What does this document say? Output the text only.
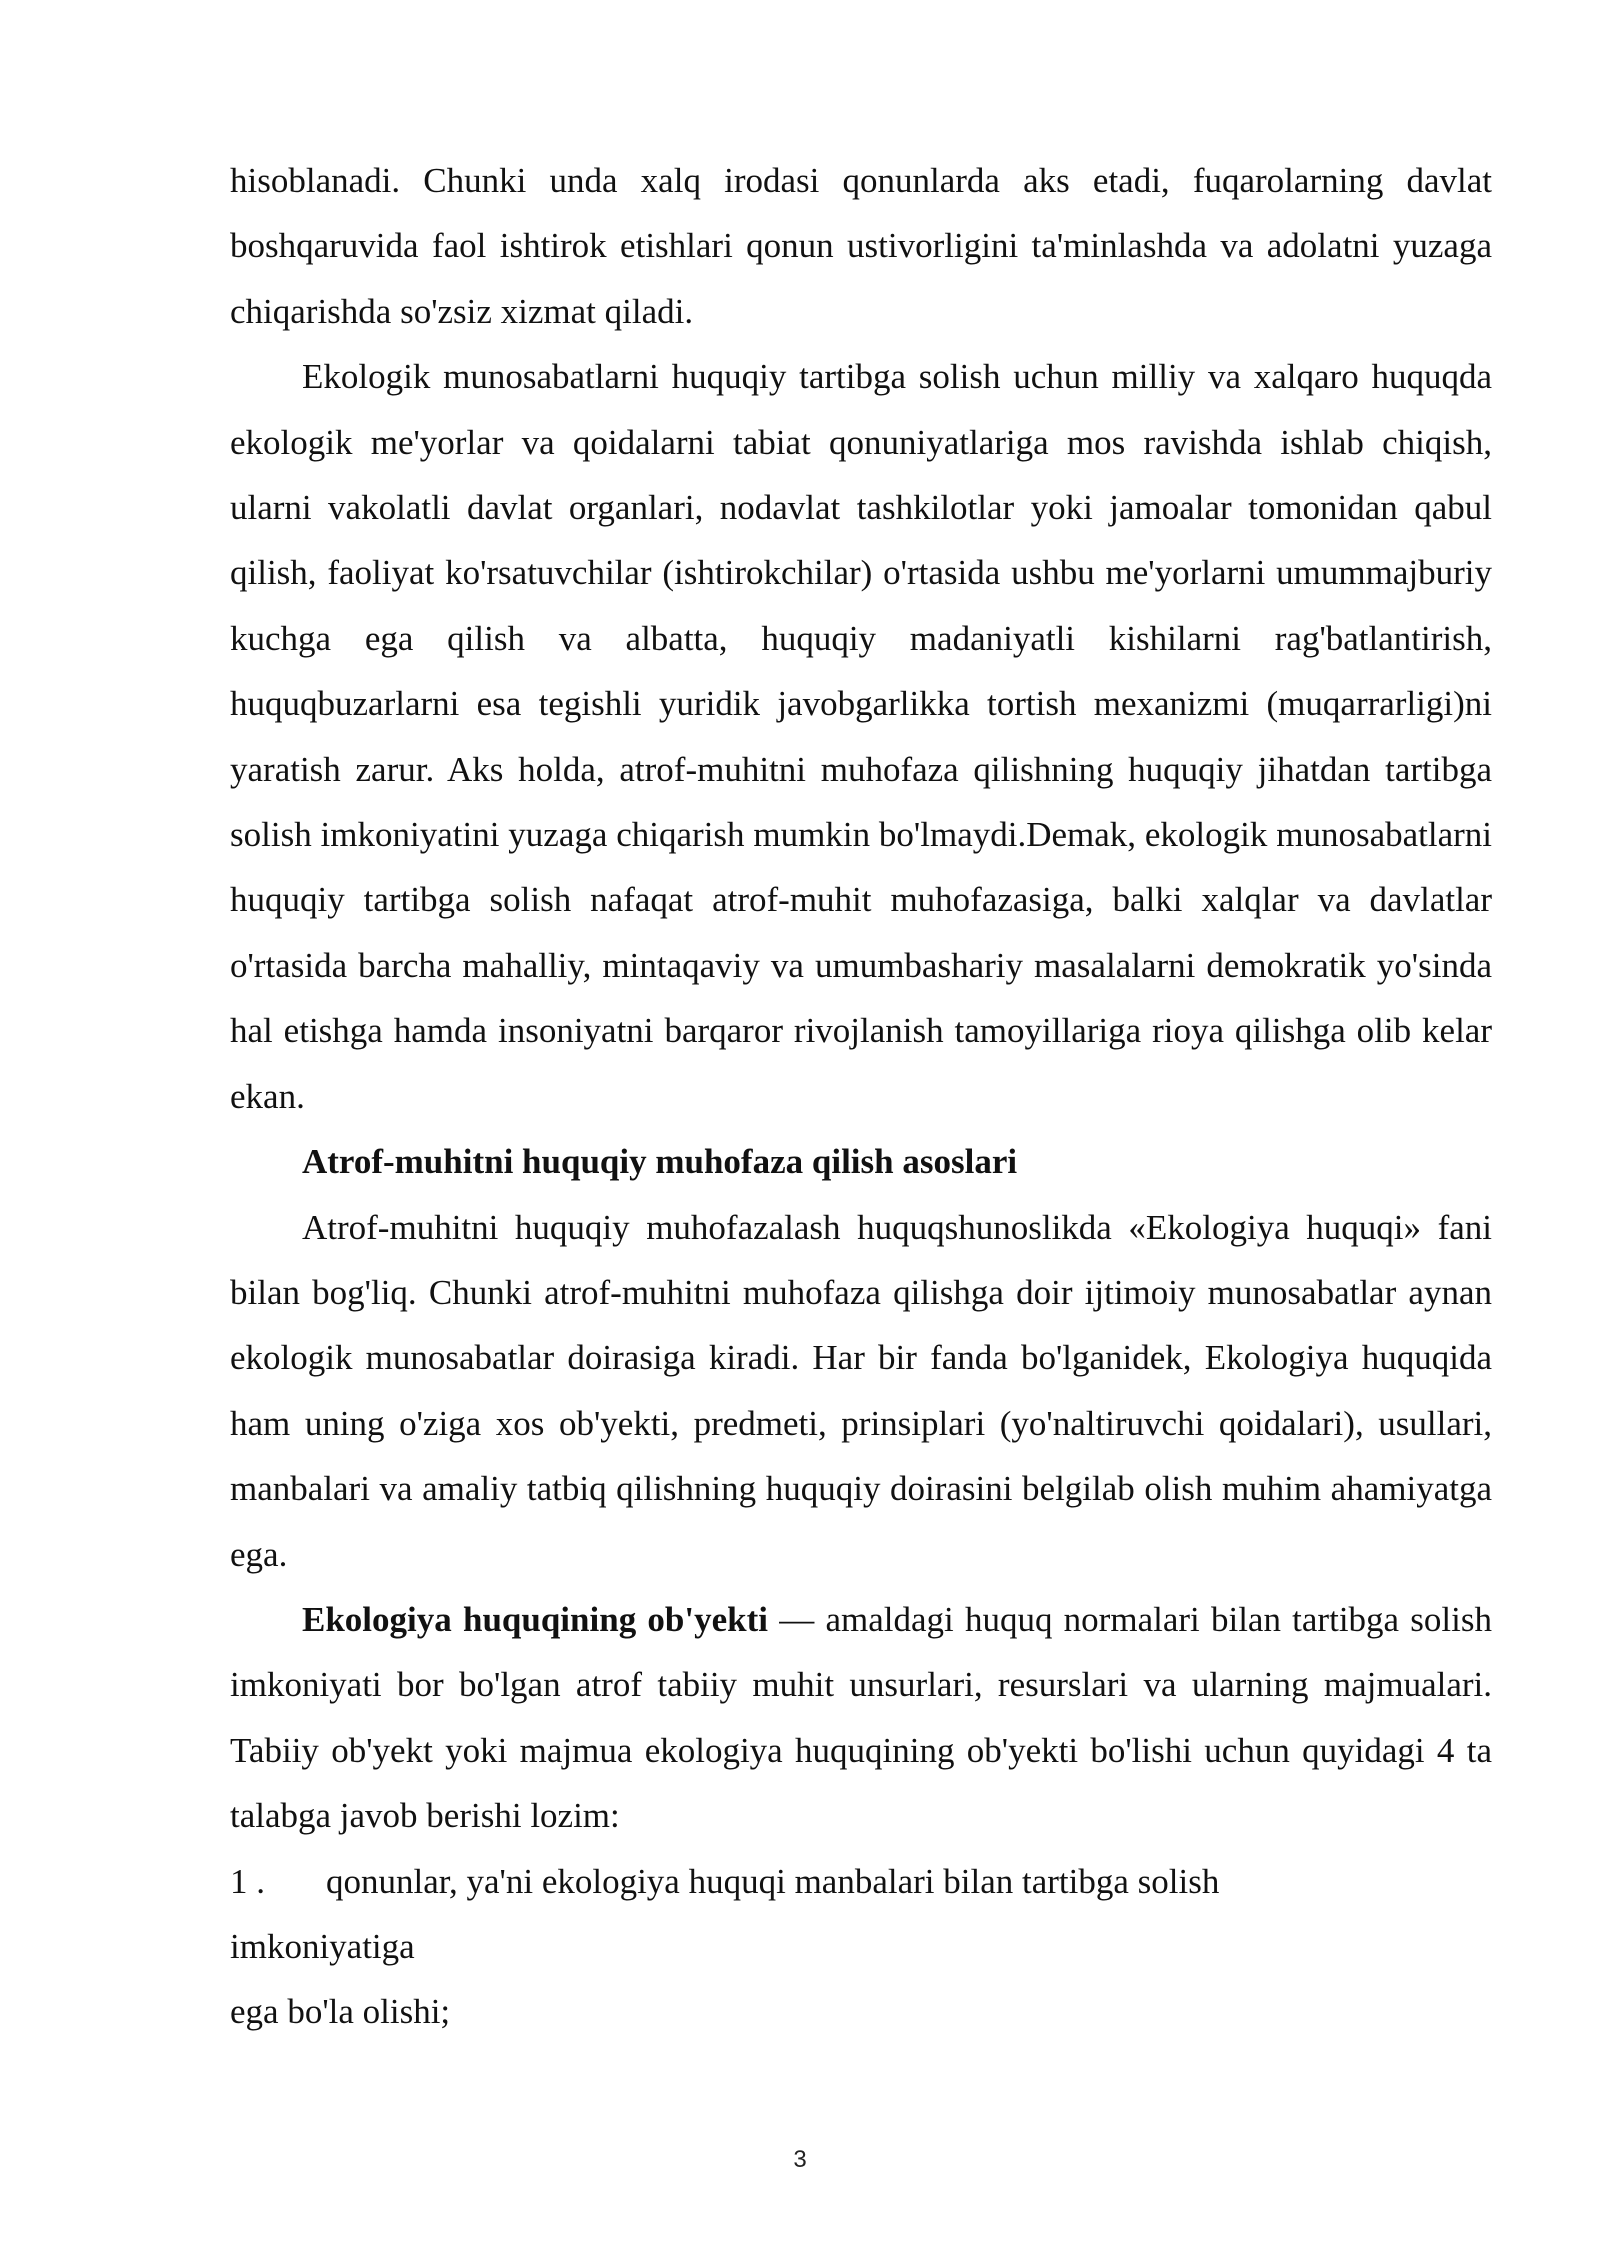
hisoblanadi. Chunki unda xalq irodasi qonunlarda aks etadi, fuqarolarning davlat boshqaruvida faol ishtirok etishlari qonun ustivorligini ta'minlashda va adolatni yuzaga chiqarishda so'zsiz xizmat qiladi.

Ekologik munosabatlarni huquqiy tartibga solish uchun milliy va xalqaro huquqda ekologik me'yorlar va qoidalarni tabiat qonuniyatlariga mos ravishda ishlab chiqish, ularni vakolatli davlat organlari, nodavlat tashkilotlar yoki jamoalar tomonidan qabul qilish, faoliyat ko'rsatuvchilar (ishtirokchilar) o'rtasida ushbu me'yorlarni umummajburiy kuchga ega qilish va albatta, huquqiy madaniyatli kishilarni rag'batlantirish, huquqbuzarlarni esa tegishli yuridik javobgarlikka tortish mexanizmi (muqarrarligi)ni yaratish zarur. Aks holda, atrof-muhitni muhofaza qilishning huquqiy jihatdan tartibga solish imkoniyatini yuzaga chiqarish mumkin bo'lmaydi.Demak, ekologik munosabatlarni huquqiy tartibga solish nafaqat atrof-muhit muhofazasiga, balki xalqlar va davlatlar o'rtasida barcha mahalliy, mintaqaviy va umumbashariy masalalarni demokratik yo'sinda hal etishga hamda insoniyatni barqaror rivojlanish tamoyillariga rioya qilishga olib kelar ekan.

Atrof-muhitni huquqiy muhofaza qilish asoslari

Atrof-muhitni huquqiy muhofazalash huquqshunoslikda «Ekologiya huquqi» fani bilan bog'liq. Chunki atrof-muhitni muhofaza qilishga doir ijtimoiy munosabatlar aynan ekologik munosabatlar doirasiga kiradi. Har bir fanda bo'lganidek, Ekologiya huquqida ham uning o'ziga xos ob'yekti, predmeti, prinsiplari (yo'naltiruvchi qoidalari), usullari, manbalari va amaliy tatbiq qilishning huquqiy doirasini belgilab olish muhim ahamiyatga ega.

Ekologiya huquqining ob'yekti — amaldagi huquq normalari bilan tartibga solish imkoniyati bor bo'lgan atrof tabiiy muhit unsurlari, resurslari va ularning majmualari. Tabiiy ob'yekt yoki majmua ekologiya huquqining ob'yekti bo'lishi uchun quyidagi 4 ta talabga javob berishi lozim:

1 . qonunlar, ya'ni ekologiya huquqi manbalari bilan tartibga solish
imkoniyatiga
ega bo'la olishi;

3
